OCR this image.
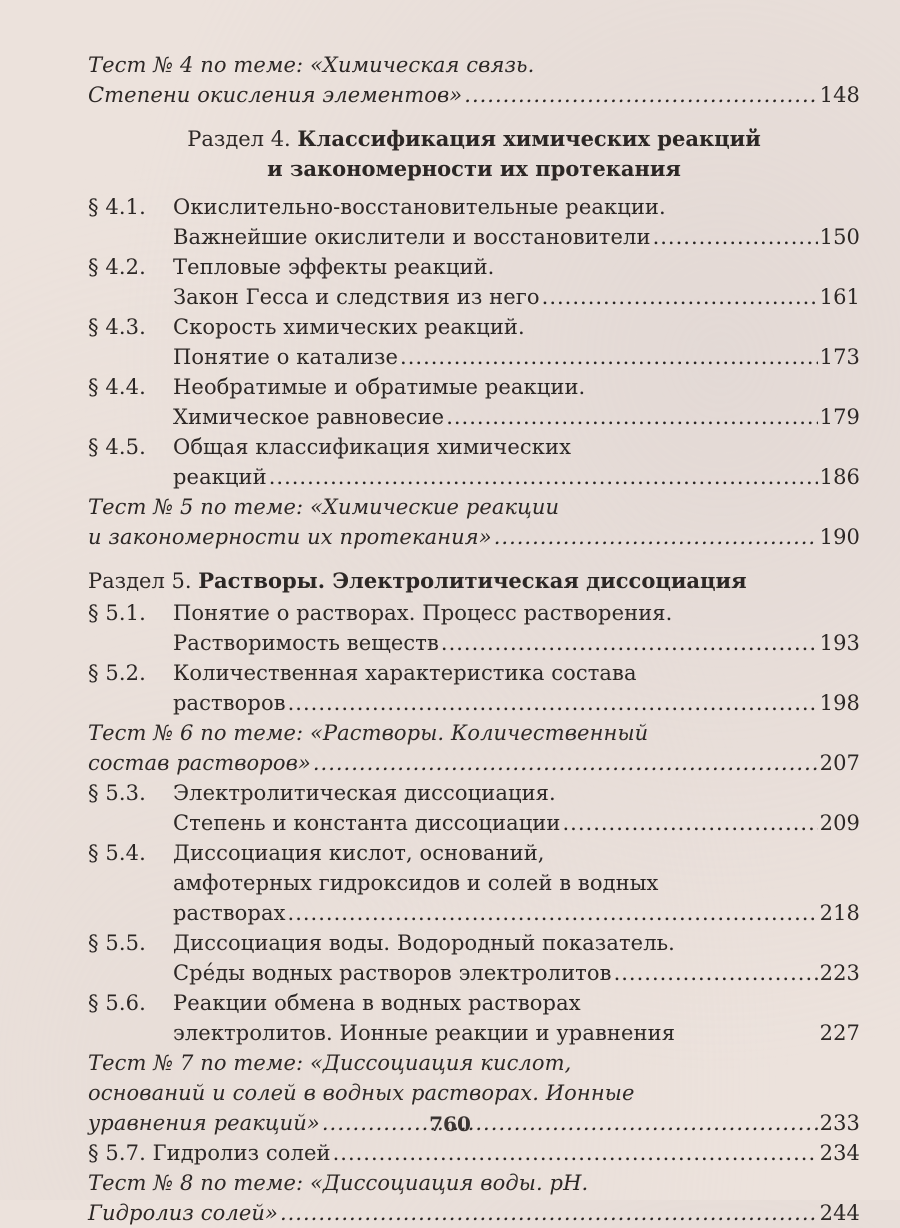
Тест № 4 по теме: «Химическая связь.
Степени окисления элементов» .....	148
Раздел 4. Классификация химических реакций
и закономерности их протекания
§ 4.1. Окислительно-восстановительные реакции.
Важнейшие окислители и восстановители .....	150
§ 4.2. Тепловые эффекты реакций.
Закон Гесса и следствия из него .....	161
§ 4.3. Скорость химических реакций.
Понятие о катализе .....	173
§ 4.4. Необратимые и обратимые реакции.
Химическое равновесие .....	179
§ 4.5. Общая классификация химических
реакций .....	186
Тест № 5 по теме: «Химические реакции
и закономерности их протекания» .....	190
Раздел 5. Растворы. Электролитическая диссоциация
§ 5.1. Понятие о растворах. Процесс растворения.
Растворимость веществ .....	193
§ 5.2. Количественная характеристика состава
растворов .....	198
Тест № 6 по теме: «Растворы. Количественный
состав растворов» .....	207
§ 5.3. Электролитическая диссоциация.
Степень и константа диссоциации .....	209
§ 5.4. Диссоциация кислот, оснований,
амфотерных гидроксидов и солей в водных
растворах .....	218
§ 5.5. Диссоциация воды. Водородный показатель.
Сре́ды водных растворов электролитов .....	223
§ 5.6. Реакции обмена в водных растворах
электролитов. Ионные реакции и уравнения	227
Тест № 7 по теме: «Диссоциация кислот,
оснований и солей в водных растворах. Ионные
уравнения реакций» .....	233
§ 5.7. Гидролиз солей .....	234
Тест № 8 по теме: «Диссоциация воды. pH.
Гидролиз солей» .....	244
760
